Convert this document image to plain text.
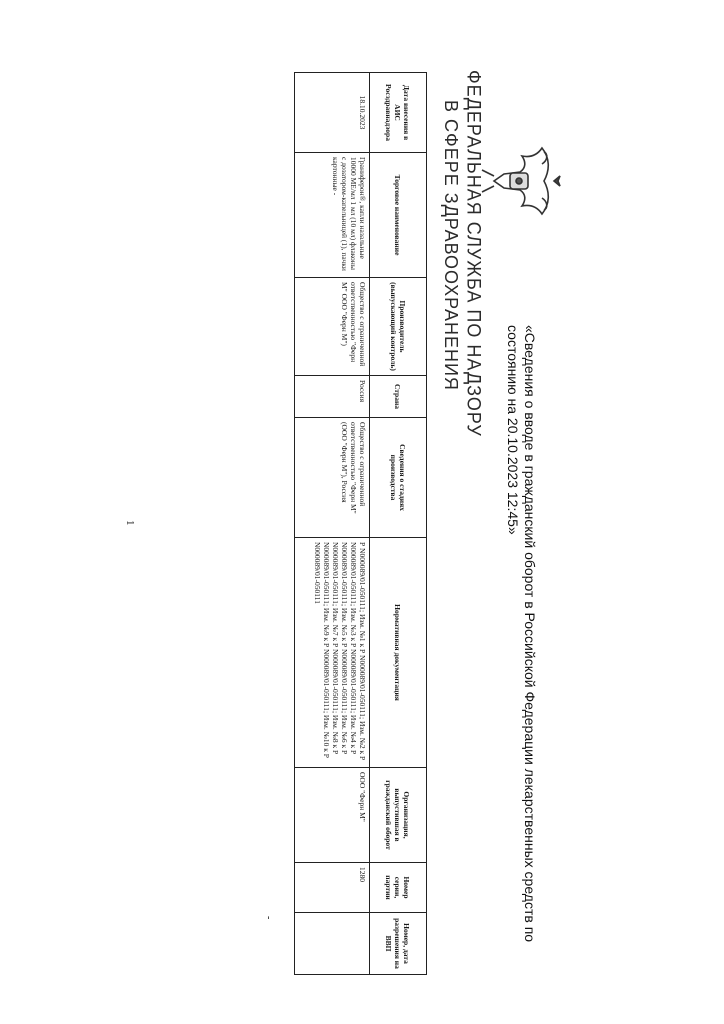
ФЕДЕРАЛЬНАЯ СЛУЖБА ПО НАДЗОРУ
В СФЕРЕ ЗДРАВООХРАНЕНИЯ
«Сведения о вводе в гражданский оборот в Российской Федерации лекарственных средств по состоянию на 20.10.2023 12:45»
Дата внесения в АИС Росздравнадзора	Торговое наименование	Производитель (выпускающий контроль)	Страна	Сведения о стадиях производства	Нормативная документация	Организация, выпустившая в гражданский оборот	Номер серии, партии	Номер, дата разрешения на ВВП
18.10.2023	Граниферон®, капли назальные 10000 МЕ/мл 1 мл (10 мл) флаконы с дозатором-капельницей (1), пачки картонные -	Общество с ограниченной ответственностью "Ферн М" ООО "Ферн М")	Россия	Общество с ограниченной ответственностью "Ферн М" (ООО "Ферн М"), Россия	Р N000089/01-050111; Изм. №1 к Р N000089/01-050111; Изм. №2 к Р N000089/01-050111; Изм. №3 к Р N000089/01-050111; Изм. №4 к Р N000089/01-050111; Изм. №5 к Р N000089/01-050111; Изм. №6 к Р N000089/01-050111; Изм. №7 к Р N000089/01-050111; Изм. №8 к Р N000089/01-050111; Изм. №9 к Р N000089/01-050111; Изм. №10 к Р N000089/01-050111	ООО "Ферн М"	1280	
-
1
